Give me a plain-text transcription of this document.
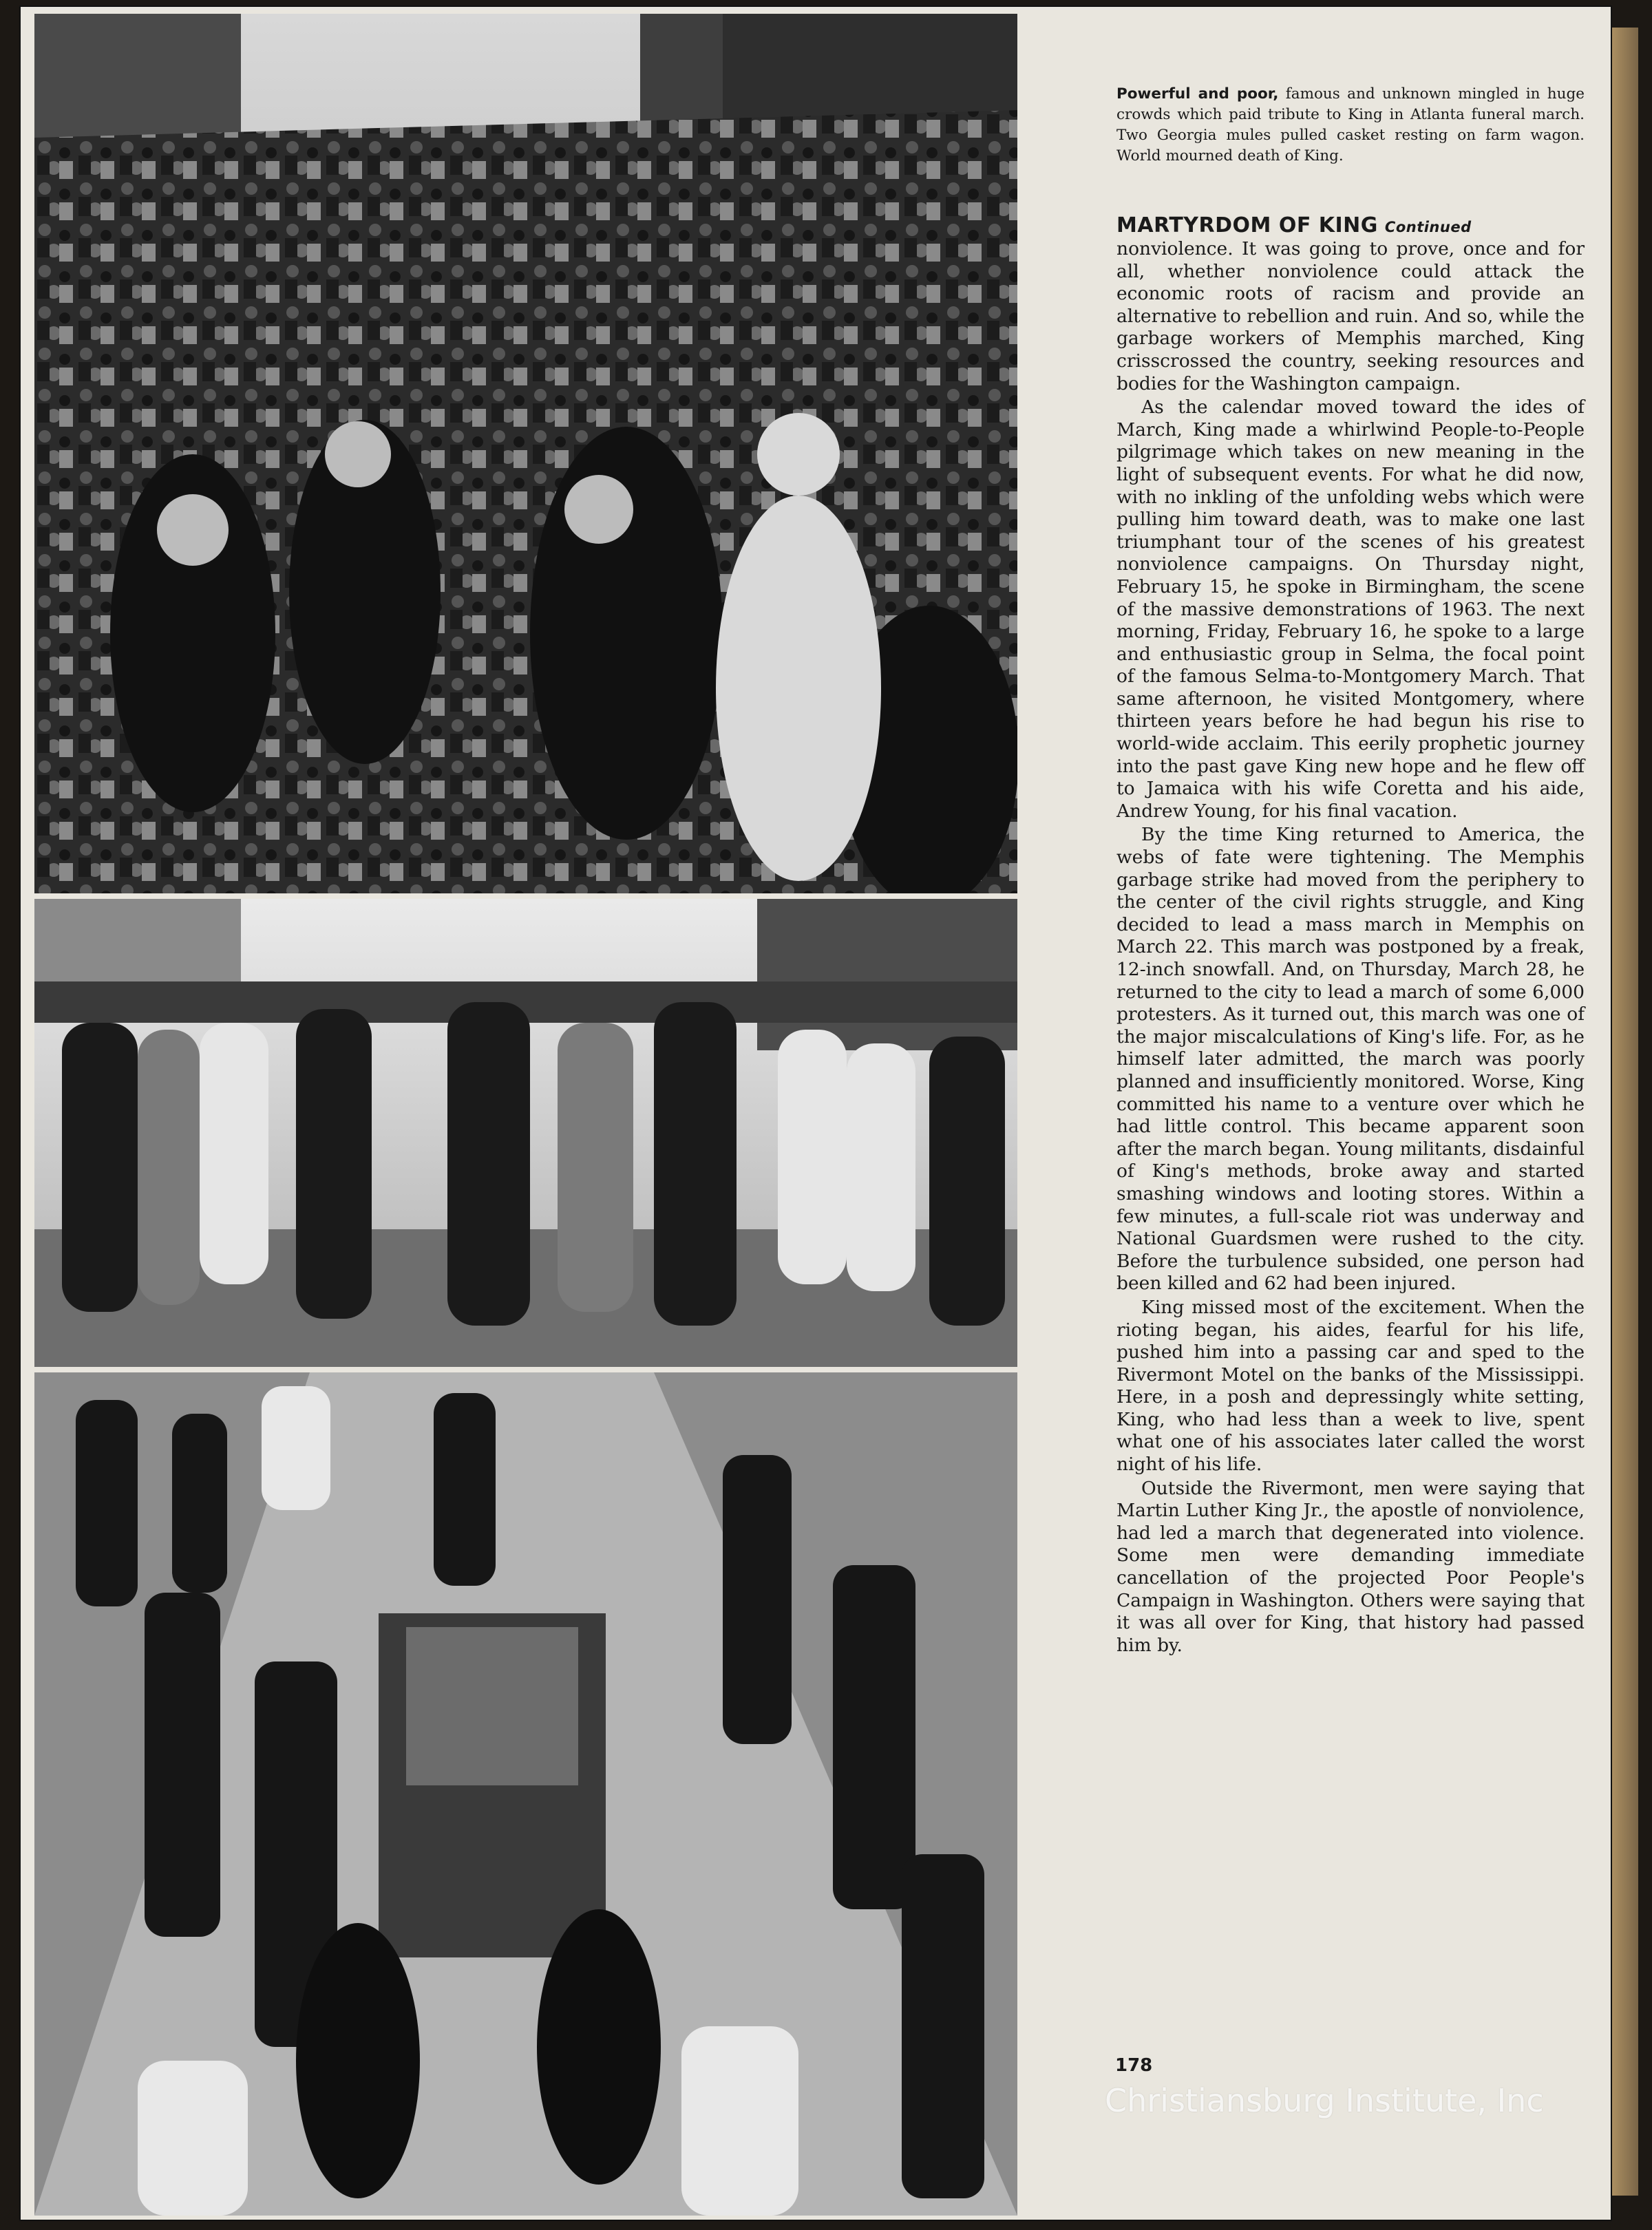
Powerful and poor, famous and unknown mingled in huge crowds which paid tribute to King in Atlanta funeral march. Two Georgia mules pulled casket resting on farm wagon. World mourned death of King.
MARTYRDOM OF KING Continued

nonviolence. It was going to prove, once and for all, whether nonviolence could attack the economic roots of racism and provide an alternative to rebellion and ruin. And so, while the garbage workers of Memphis marched, King crisscrossed the country, seeking resources and bodies for the Washington campaign.

As the calendar moved toward the ides of March, King made a whirlwind People-to-People pilgrimage which takes on new meaning in the light of subsequent events. For what he did now, with no inkling of the unfolding webs which were pulling him toward death, was to make one last triumphant tour of the scenes of his greatest nonviolence campaigns. On Thursday night, February 15, he spoke in Birmingham, the scene of the massive demonstrations of 1963. The next morning, Friday, February 16, he spoke to a large and enthusiastic group in Selma, the focal point of the famous Selma-to-Montgomery March. That same afternoon, he visited Montgomery, where thirteen years before he had begun his rise to world-wide acclaim. This eerily prophetic journey into the past gave King new hope and he flew off to Jamaica with his wife Coretta and his aide, Andrew Young, for his final vacation.

By the time King returned to America, the webs of fate were tightening. The Memphis garbage strike had moved from the periphery to the center of the civil rights struggle, and King decided to lead a mass march in Memphis on March 22. This march was postponed by a freak, 12-inch snowfall. And, on Thursday, March 28, he returned to the city to lead a march of some 6,000 protesters. As it turned out, this march was one of the major miscalculations of King's life. For, as he himself later admitted, the march was poorly planned and insufficiently monitored. Worse, King committed his name to a venture over which he had little control. This became apparent soon after the march began. Young militants, disdainful of King's methods, broke away and started smashing windows and looting stores. Within a few minutes, a full-scale riot was underway and National Guardsmen were rushed to the city. Before the turbulence subsided, one person had been killed and 62 had been injured.

King missed most of the excitement. When the rioting began, his aides, fearful for his life, pushed him into a passing car and sped to the Rivermont Motel on the banks of the Mississippi. Here, in a posh and depressingly white setting, King, who had less than a week to live, spent what one of his associates later called the worst night of his life.

Outside the Rivermont, men were saying that Martin Luther King Jr., the apostle of nonviolence, had led a march that degenerated into violence. Some men were demanding immediate cancellation of the projected Poor People's Campaign in Washington. Others were saying that it was all over for King, that history had passed him by.

178
Christiansburg Institute, Inc
